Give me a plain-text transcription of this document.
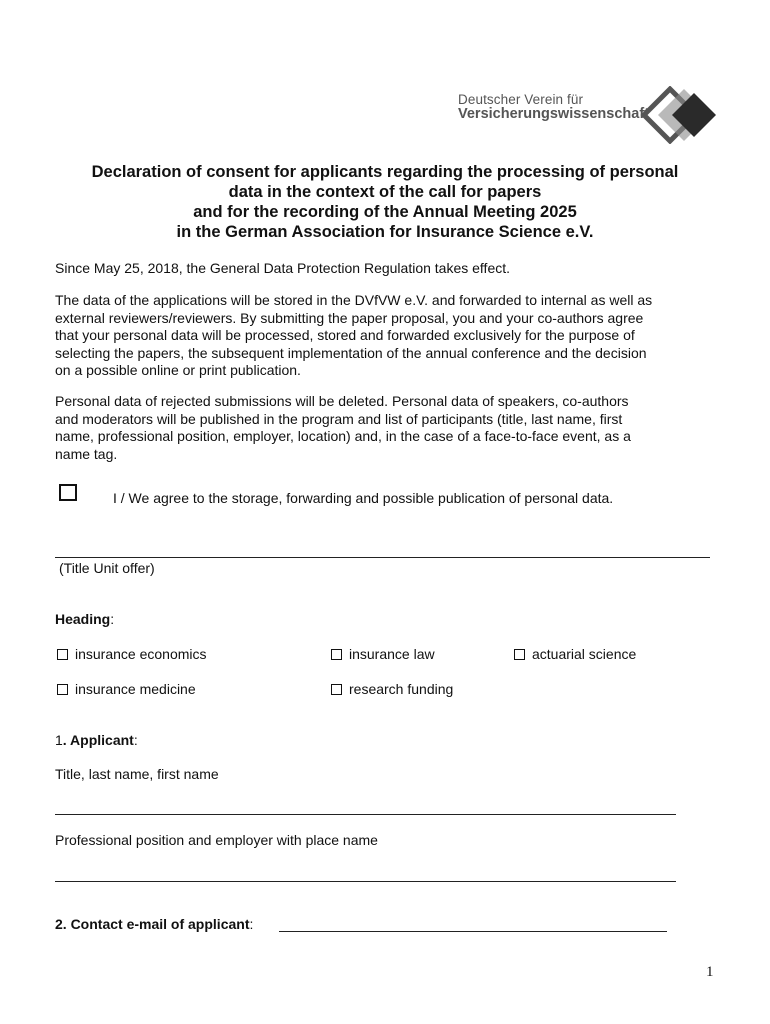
Deutscher Verein für
Versicherungswissenschaft
Declaration of consent for applicants regarding the processing of personal
data in the context of the call for papers
and for the recording of the Annual Meeting 2025
in the German Association for Insurance Science e.V.
Since May 25, 2018, the General Data Protection Regulation takes effect.
The data of the applications will be stored in the DVfVW e.V. and forwarded to internal as well as
external reviewers/reviewers. By submitting the paper proposal, you and your co-authors agree
that your personal data will be processed, stored and forwarded exclusively for the purpose of
selecting the papers, the subsequent implementation of the annual conference and the decision
on a possible online or print publication.
Personal data of rejected submissions will be deleted. Personal data of speakers, co-authors
and moderators will be published in the program and list of participants (title, last name, first
name, professional position, employer, location) and, in the case of a face-to-face event, as a
name tag.
I / We agree to the storage, forwarding and possible publication of personal data.
(Title Unit offer)
Heading:
insurance economics	insurance law	actuarial science
insurance medicine	research funding
1. Applicant:
Title, last name, first name
Professional position and employer with place name
2. Contact e-mail of applicant:
1
